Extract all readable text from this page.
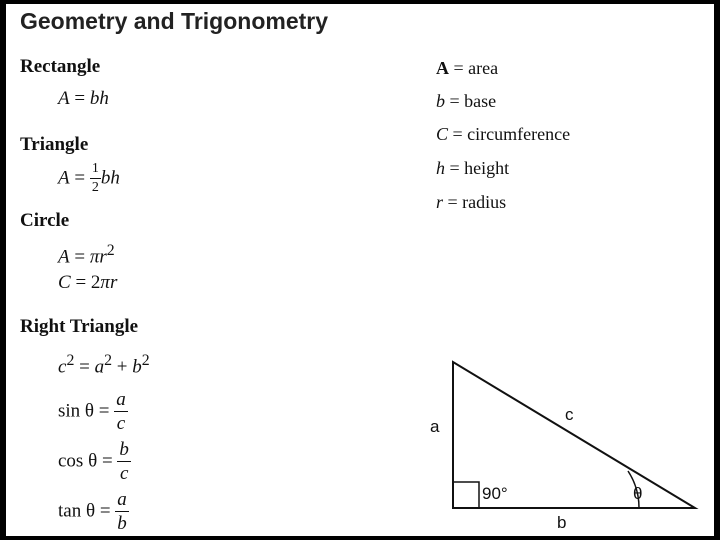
Geometry and Trigonometry
Rectangle
A = bh
Triangle
$A = \frac{1}{2}$ bh
Circle
$A = \pi r^2$
C = 2πr
Right Triangle
$c^2 = a^2 + b^2$
$\sin \theta = \frac{a}{c}$
$\cos \theta = \frac{b}{c}$
$\tan \theta = \frac{a}{b}$
A = area
b = base
C = circumference
h = height
r = radius
a
b
c
90°	θ
